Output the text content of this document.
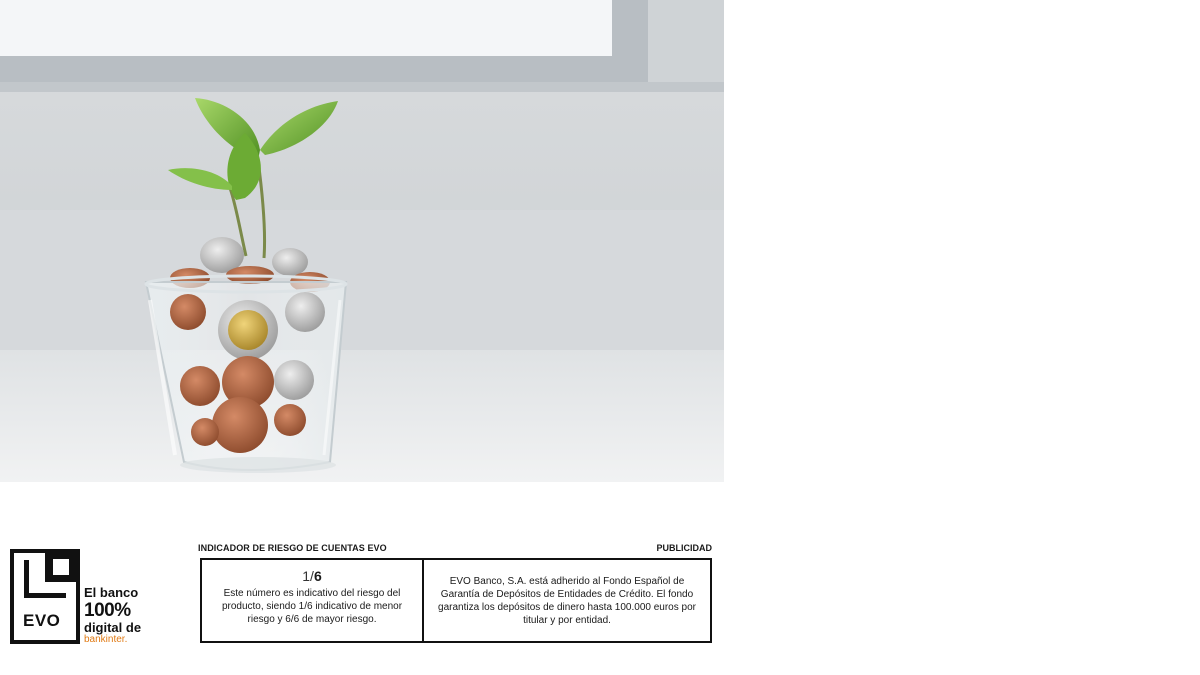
EVO
El banco
100%
digital de
bankinter.
INDICADOR DE RIESGO DE CUENTAS EVO	PUBLICIDAD
1/6
Este número es indicativo del riesgo del producto, siendo 1/6 indicativo de menor riesgo y 6/6 de mayor riesgo.
EVO Banco, S.A. está adherido al Fondo Español de Garantía de Depósitos de Entidades de Crédito. El fondo garantiza los depósitos de dinero hasta 100.000 euros por titular y por entidad.
